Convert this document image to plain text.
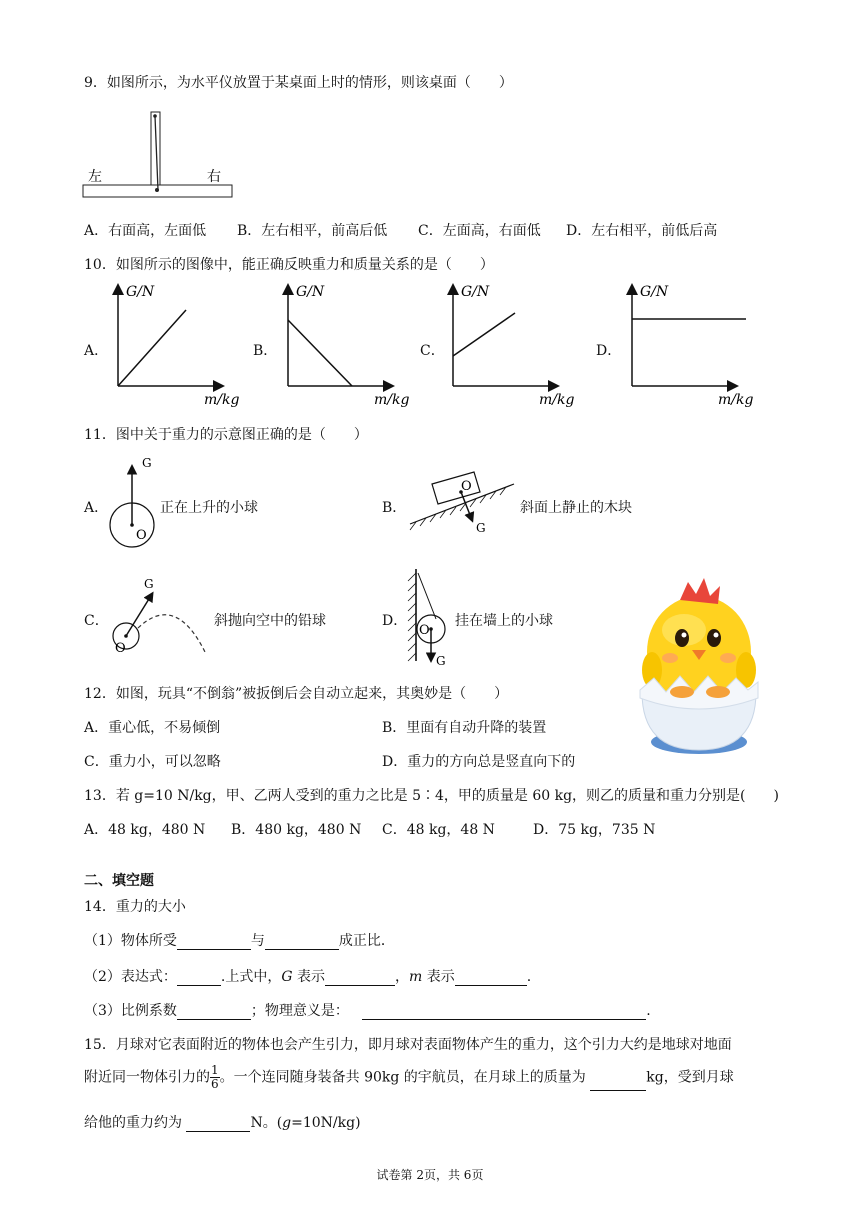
9．如图所示，为水平仪放置于某桌面上时的情形，则该桌面（　　）
左	右
A．右面高，左面低 B．左右相平，前高后低 C．左面高，右面低 D．左右相平，前低后高
10．如图所示的图像中，能正确反映重力和质量关系的是（　　）
A．
G/N
m/kg
B．
G/N
m/kg
C．
G/N
m/kg
D．
G/N
m/kg
11．图中关于重力的示意图正确的是（　　）
A．
G
O
正在上升的小球	B．
O
G
斜面上静止的木块
C．
G
O
斜抛向空中的铅球	D．
O
G
挂在墙上的小球
12．如图，玩具“不倒翁”被扳倒后会自动立起来，其奥妙是（　　）
A．重心低，不易倾倒	B．里面有自动升降的装置
C．重力小，可以忽略	D．重力的方向总是竖直向下的
13．若 g=10 N/kg，甲、乙两人受到的重力之比是 5∶4，甲的质量是 60 kg，则乙的质量和重力分别是(　　)
A．48 kg，480 N B．480 kg，480 N C．48 kg，48 N	D．75 kg，735 N
二、填空题
14．重力的大小
（1）物体所受	与	成正比．
（2）表达式：	.上式中，G 表示	，m 表示	.
（3）比例系数	；物理意义是：	.
15．月球对它表面附近的物体也会产生引力，即月球对表面物体产生的重力，这个引力大约是地球对地面
附近同一物体引力的 $\frac{1}{6}$ 。一个连同随身装备共 90kg 的宇航员，在月球上的质量为	kg，受到月球
给他的重力约为	N。(g=10N/kg)
试卷第 2页，共 6页
